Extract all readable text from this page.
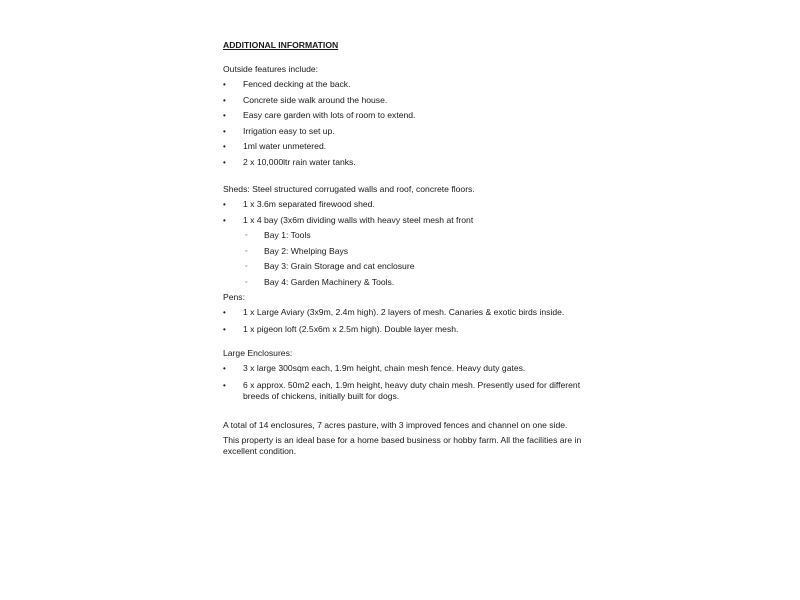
ADDITIONAL INFORMATION

Outside features include:

• Fenced decking at the back.
• Concrete side walk around the house.
• Easy care garden with lots of room to extend.
• Irrigation easy to set up.
• 1ml water unmetered.
• 2 x 10,000ltr rain water tanks.

Sheds: Steel structured corrugated walls and roof, concrete floors.

• 1 x 3.6m separated firewood shed.
• 1 x 4 bay (3x6m dividing walls with heavy steel mesh at front
◦ Bay 1: Tools
◦ Bay 2: Whelping Bays
◦ Bay 3: Grain Storage and cat enclosure
◦ Bay 4: Garden Machinery & Tools.

Pens:

• 1 x Large Aviary (3x9m, 2.4m high). 2 layers of mesh. Canaries & exotic birds inside.
• 1 x pigeon loft (2.5x6m x 2.5m high). Double layer mesh.

Large Enclosures:

• 3 x large 300sqm each, 1.9m height, chain mesh fence. Heavy duty gates.
• 6 x approx. 50m2 each, 1.9m height, heavy duty chain mesh. Presently used for different breeds of chickens, initially built for dogs.

A total of 14 enclosures, 7 acres pasture, with 3 improved fences and channel on one side.

This property is an ideal base for a home based business or hobby farm. All the facilities are in excellent condition.
